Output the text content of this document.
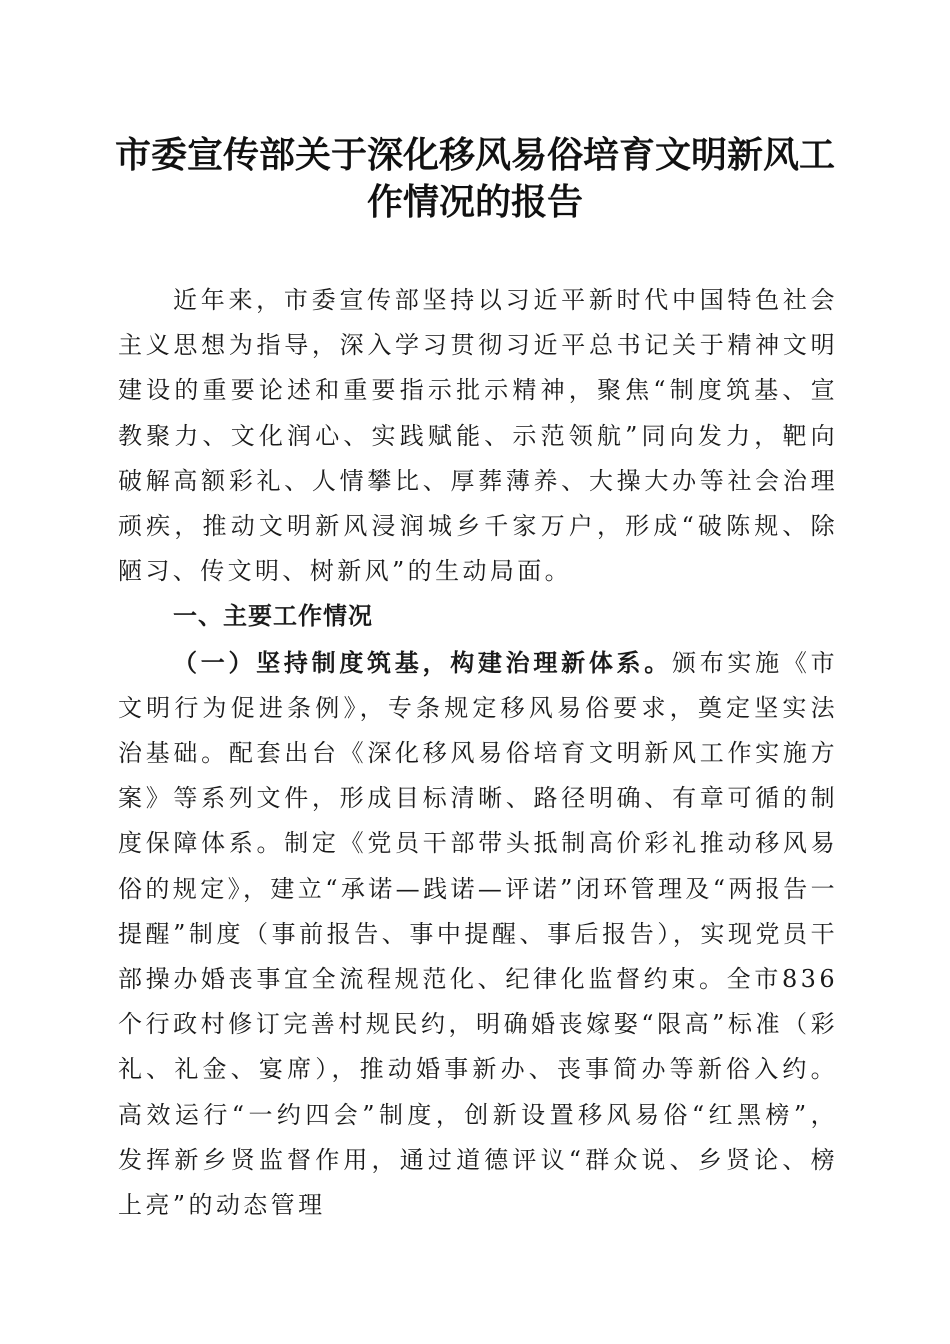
市委宣传部关于深化移风易俗培育文明新风工作情况的报告

近年来，市委宣传部坚持以习近平新时代中国特色社会主义思想为指导，深入学习贯彻习近平总书记关于精神文明建设的重要论述和重要指示批示精神，聚焦“制度筑基、宣教聚力、文化润心、实践赋能、示范领航”同向发力，靶向破解高额彩礼、人情攀比、厚葬薄养、大操大办等社会治理顽疾，推动文明新风浸润城乡千家万户，形成“破陈规、除陋习、传文明、树新风”的生动局面。

一、主要工作情况

（一）坚持制度筑基，构建治理新体系。颁布实施《市文明行为促进条例》，专条规定移风易俗要求，奠定坚实法治基础。配套出台《深化移风易俗培育文明新风工作实施方案》等系列文件，形成目标清晰、路径明确、有章可循的制度保障体系。制定《党员干部带头抵制高价彩礼推动移风易俗的规定》，建立“承诺—践诺—评诺”闭环管理及“两报告一提醒”制度（事前报告、事中提醒、事后报告），实现党员干部操办婚丧事宜全流程规范化、纪律化监督约束。全市836个行政村修订完善村规民约，明确婚丧嫁娶“限高”标准（彩礼、礼金、宴席），推动婚事新办、丧事简办等新俗入约。高效运行“一约四会”制度，创新设置移风易俗“红黑榜”，发挥新乡贤监督作用，通过道德评议“群众说、乡贤论、榜上亮”的动态管理
